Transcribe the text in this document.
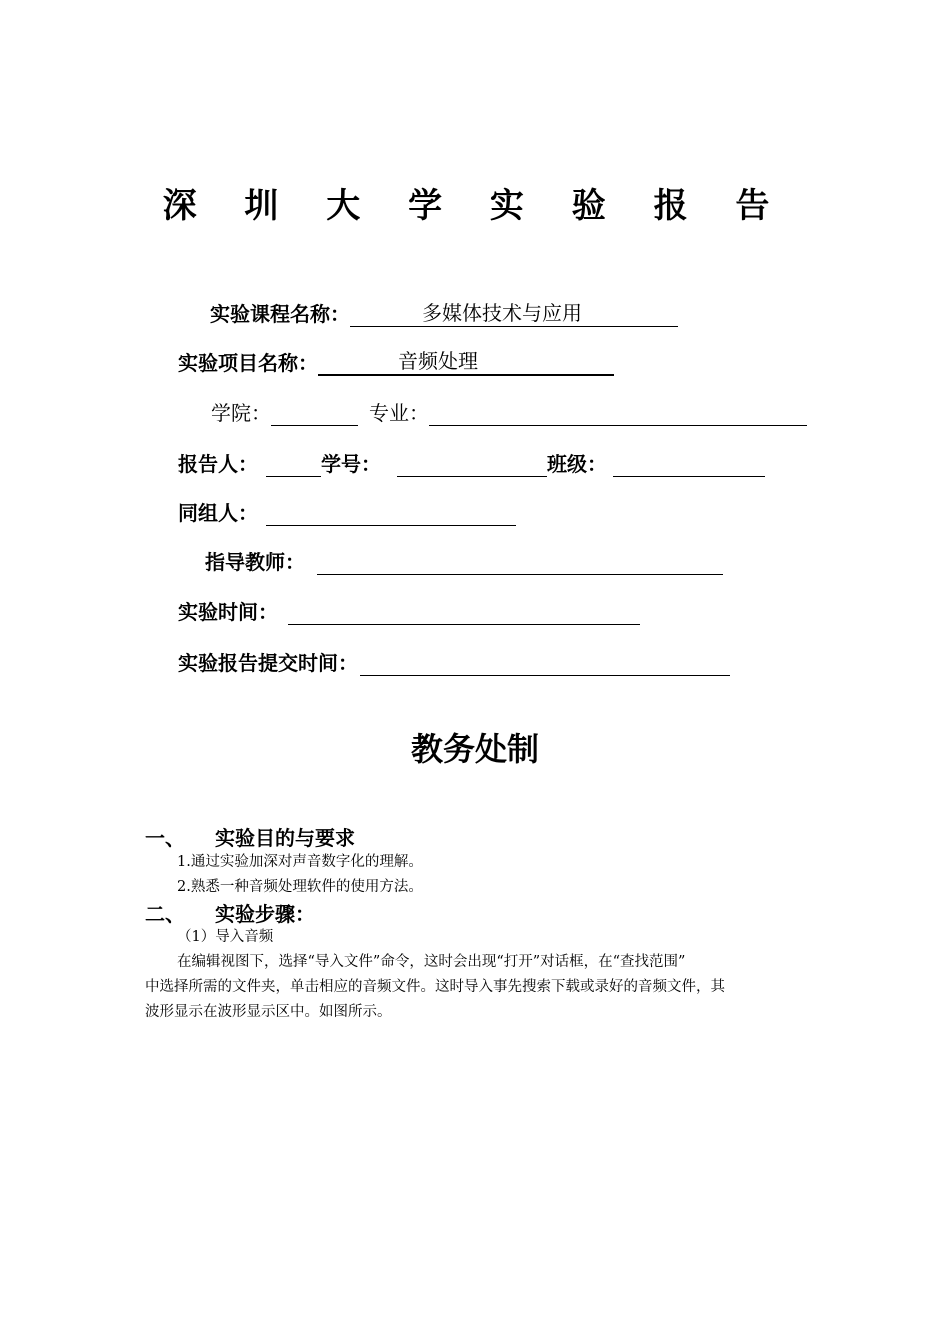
深 圳 大 学 实 验 报 告
实验课程名称：	多媒体技术与应用
实验项目名称：	音频处理
学院：	专业：
报告人：	学号：	班级：
同组人：
指导教师：
实验时间：
实验报告提交时间：
教务处制
一、 实验目的与要求
1.通过实验加深对声音数字化的理解。
2.熟悉一种音频处理软件的使用方法。
二、 实验步骤：
（1）导入音频
在编辑视图下，选择“导入文件”命令，这时会出现“打开”对话框，在“查找范围”
中选择所需的文件夹，单击相应的音频文件。这时导入事先搜索下载或录好的音频文件，其
波形显示在波形显示区中。如图所示。
